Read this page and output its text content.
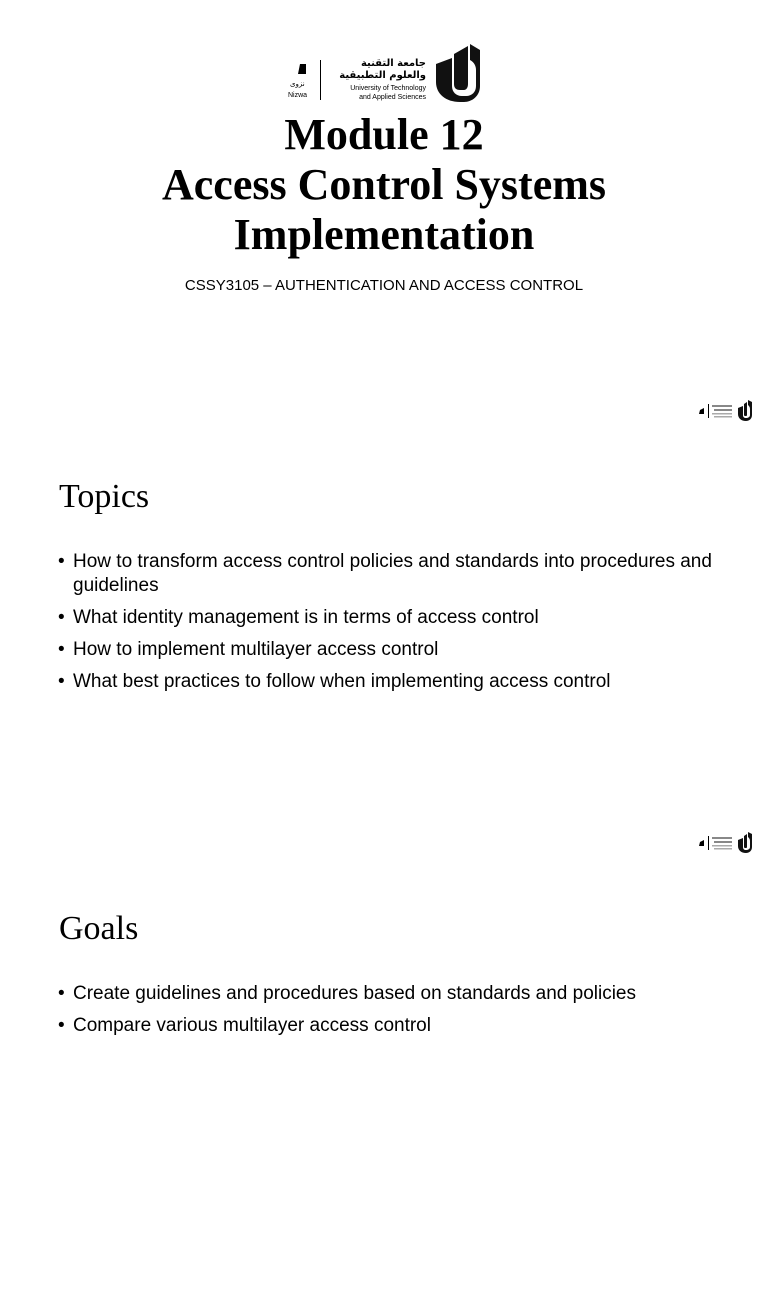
نزوى
Nizwa
جامعة التقنية
والعلوم التطبيقية
University of Technology
and Applied Sciences
Module 12
Access Control Systems
Implementation
CSSY3105 – AUTHENTICATION AND ACCESS CONTROL
Topics
• How to transform access control policies and standards into procedures and guidelines
• What identity management is in terms of access control
• How to implement multilayer access control
• What best practices to follow when implementing access control
Goals
• Create guidelines and procedures based on standards and policies
• Compare various multilayer access control
